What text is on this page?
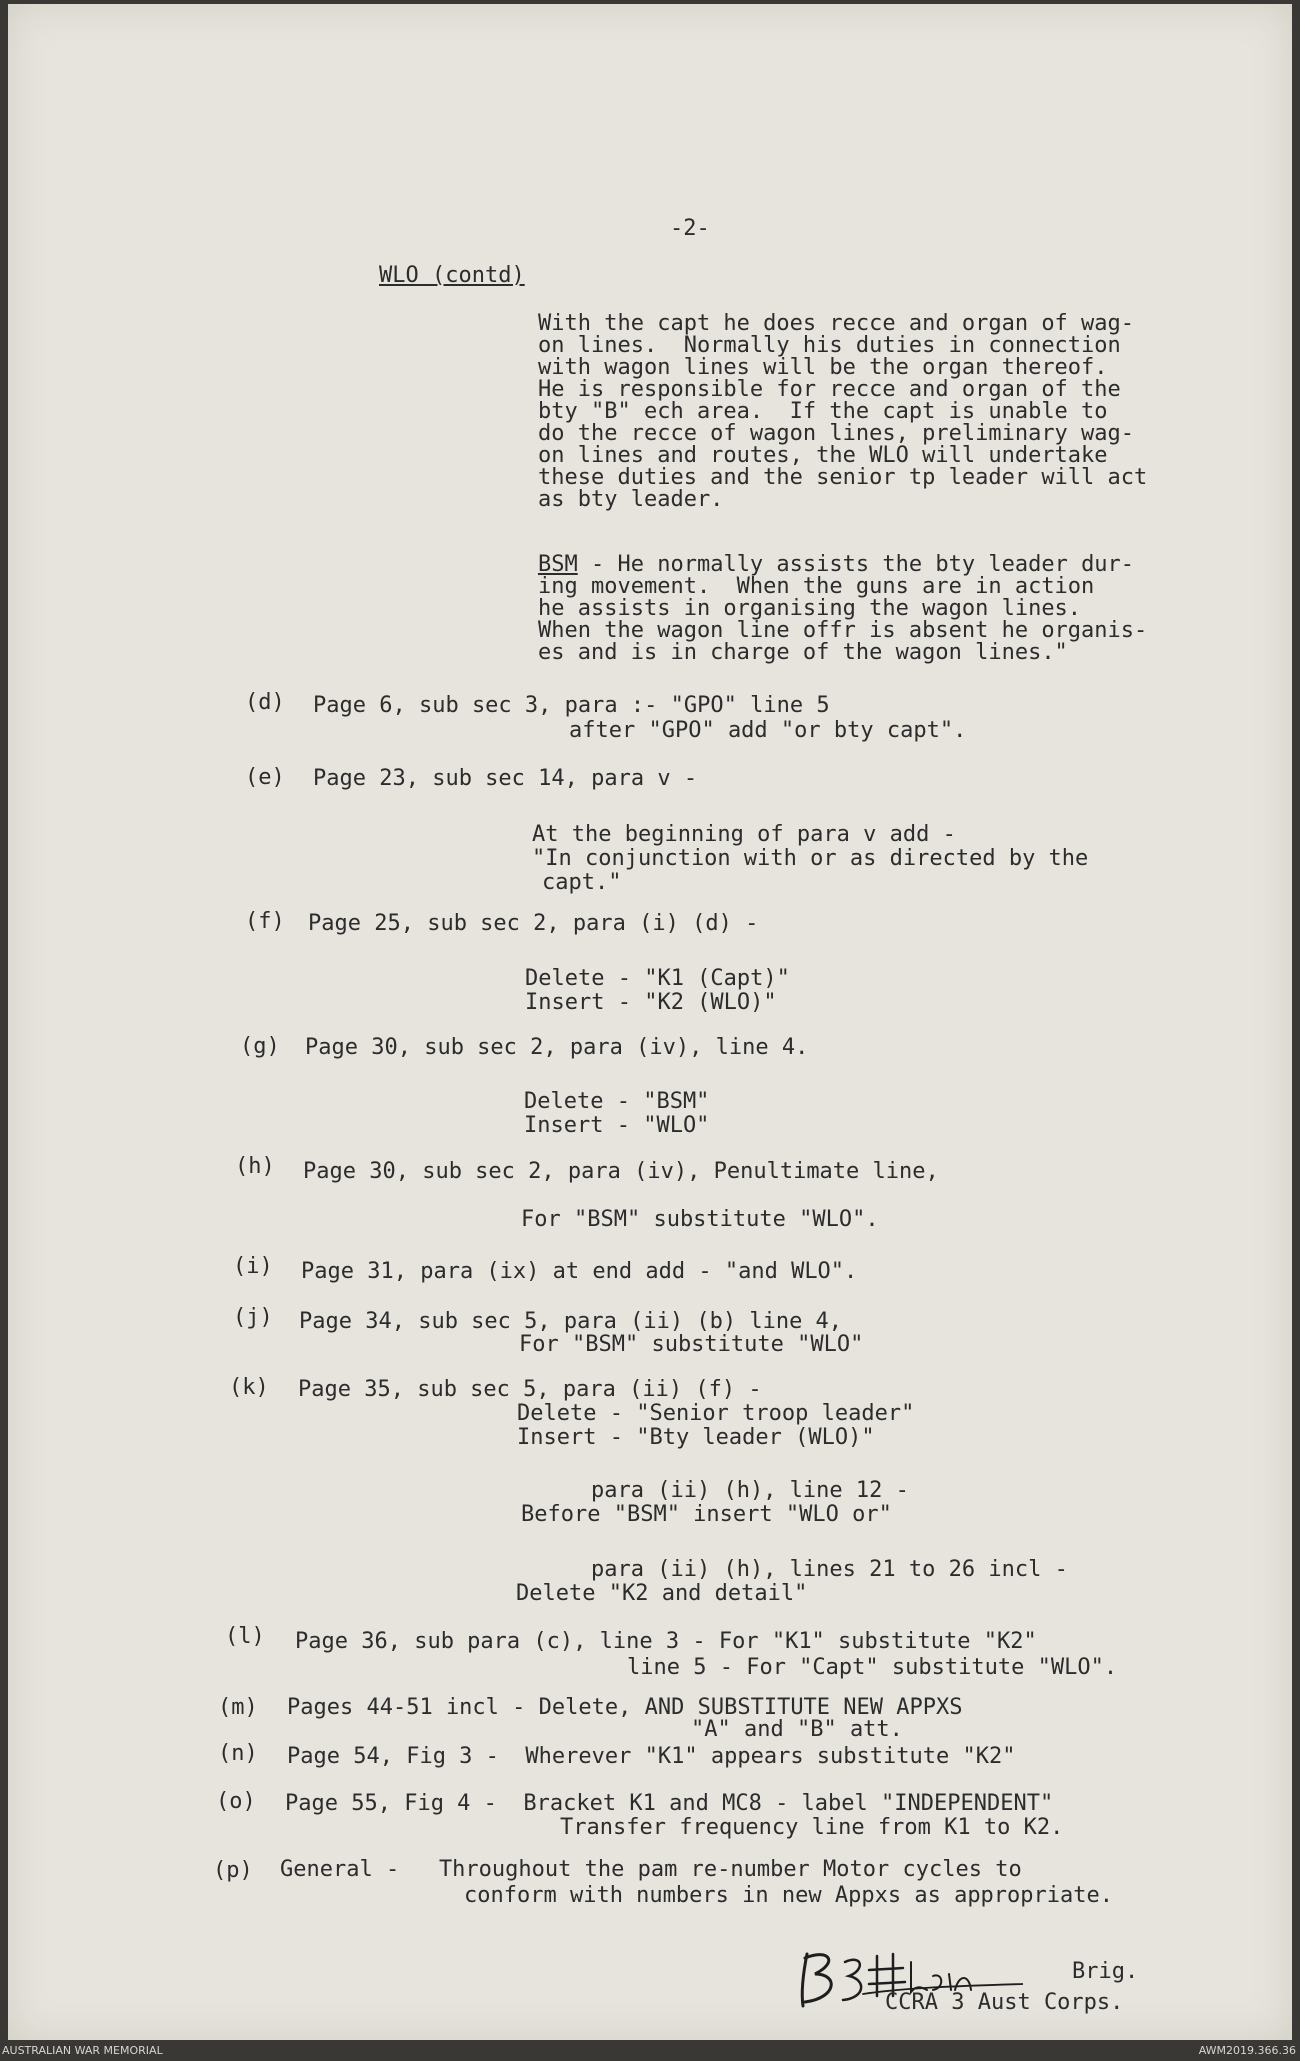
-2-
WLO (contd)
With the capt he does recce and organ of wag-
on lines.  Normally his duties in connection
with wagon lines will be the organ thereof.
He is responsible for recce and organ of the
bty "B" ech area.  If the capt is unable to
do the recce of wagon lines, preliminary wag-
on lines and routes, the WLO will undertake
these duties and the senior tp leader will act
as bty leader.
BSM - He normally assists the bty leader dur-
ing movement.  When the guns are in action
he assists in organising the wagon lines.
When the wagon line offr is absent he organis-
es and is in charge of the wagon lines."
(d) Page 6, sub sec 3, para :- "GPO" line 5
after "GPO" add "or bty capt".
(e) Page 23, sub sec 14, para v -
At the beginning of para v add -
"In conjunction with or as directed by the
capt."
(f) Page 25, sub sec 2, para (i) (d) -
Delete - "K1 (Capt)"
Insert - "K2 (WLO)"
(g) Page 30, sub sec 2, para (iv), line 4.
Delete - "BSM"
Insert - "WLO"
(h) Page 30, sub sec 2, para (iv), Penultimate line,
For "BSM" substitute "WLO".
(i) Page 31, para (ix) at end add - "and WLO".
(j) Page 34, sub sec 5, para (ii) (b) line 4,
For "BSM" substitute "WLO"
(k) Page 35, sub sec 5, para (ii) (f) -
Delete - "Senior troop leader"
Insert - "Bty leader (WLO)"
para (ii) (h), line 12 -
Before "BSM" insert "WLO or"
para (ii) (h), lines 21 to 26 incl -
Delete "K2 and detail"
(l) Page 36, sub para (c), line 3 - For "K1" substitute "K2"
line 5 - For "Capt" substitute "WLO".
(m) Pages 44-51 incl - Delete, AND SUBSTITUTE NEW APPXS
"A" and "B" att.
(n) Page 54, Fig 3 -  Wherever "K1" appears substitute "K2"
(o) Page 55, Fig 4 -  Bracket K1 and MC8 - label "INDEPENDENT"
Transfer frequency line from K1 to K2.
(p) General -   Throughout the pam re-number Motor cycles to
conform with numbers in new Appxs as appropriate.
Brig.
CCRA 3 Aust Corps.
AUSTRALIAN WAR MEMORIAL	AWM2019.366.36
